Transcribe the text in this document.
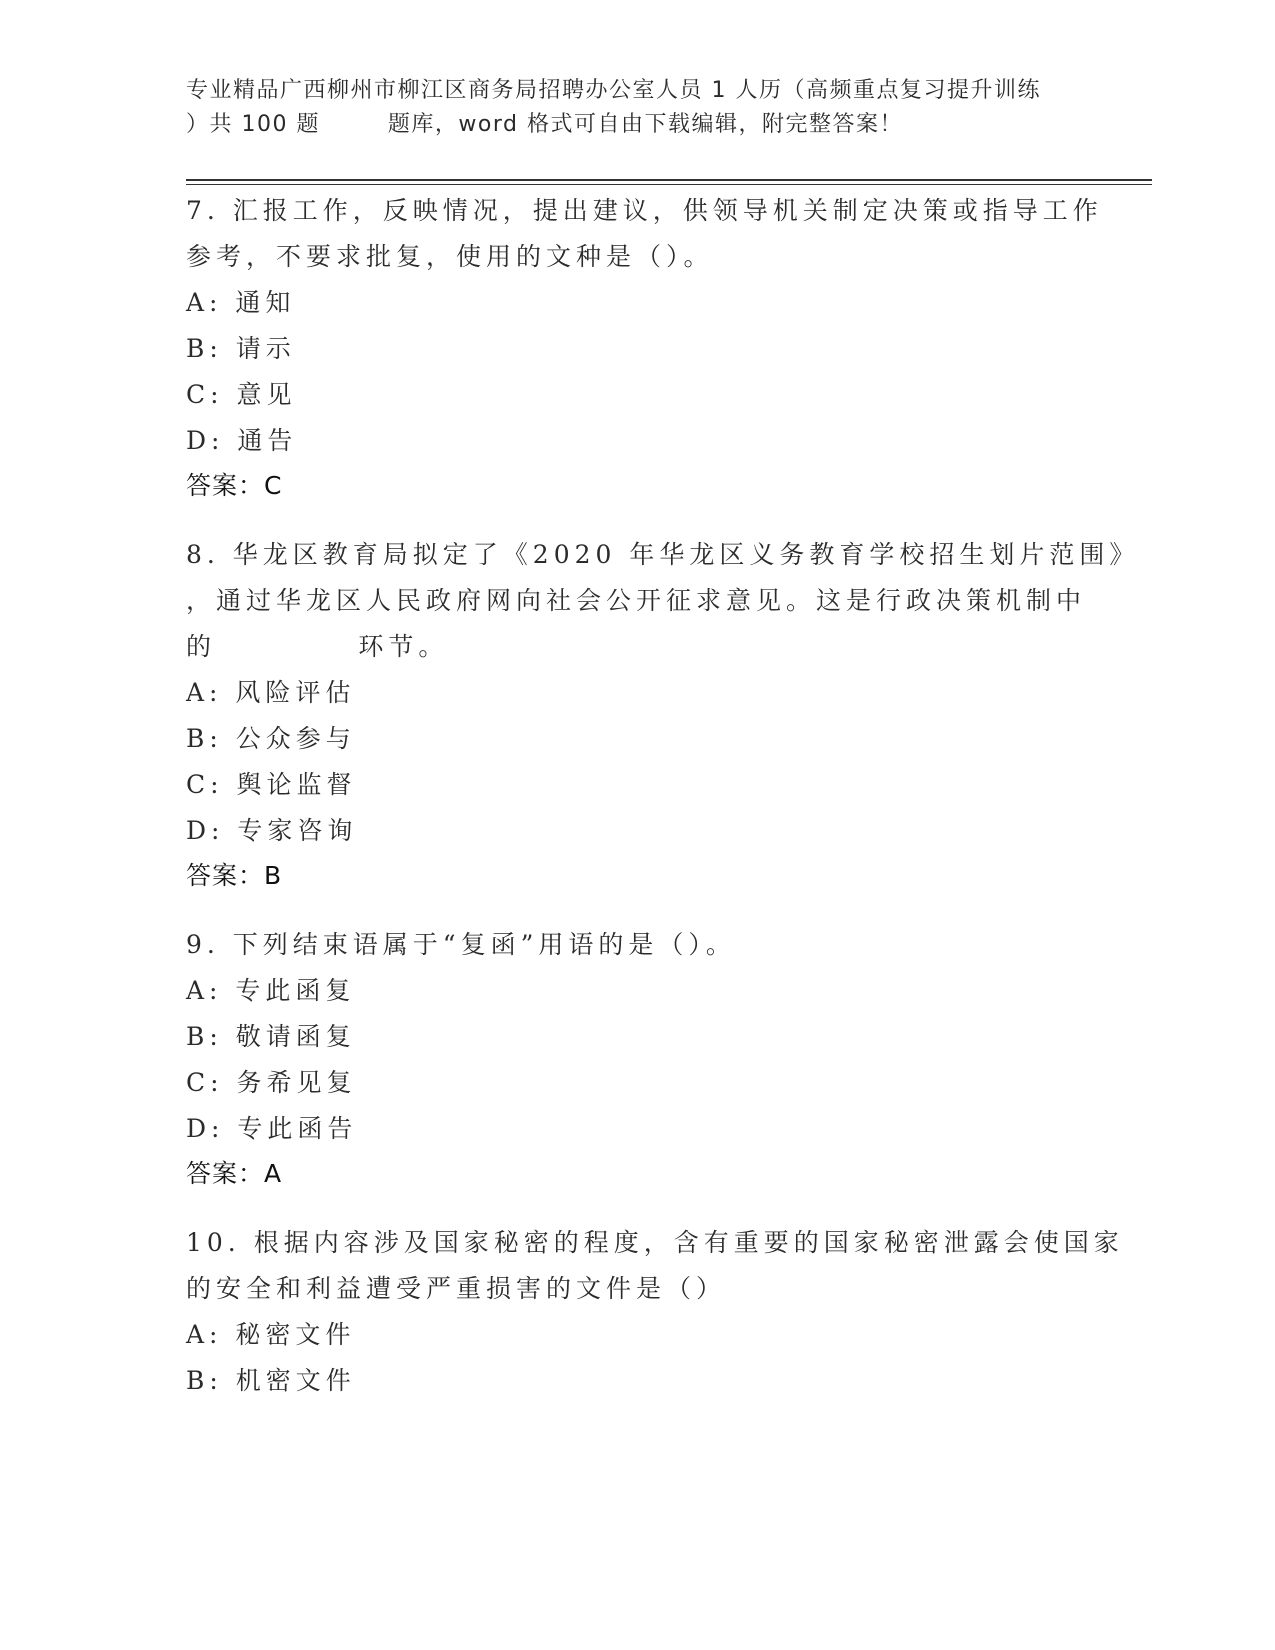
专业精品广西柳州市柳江区商务局招聘办公室人员 1 人历（高频重点复习提升训练
）共 100 题        题库，word 格式可自由下载编辑，附完整答案！
7. 汇报工作，反映情况，提出建议，供领导机关制定决策或指导工作
参考，不要求批复，使用的文种是（）。
A: 通知
B: 请示
C: 意见
D: 通告
答案：C
8. 华龙区教育局拟定了《2020 年华龙区义务教育学校招生划片范围》
，通过华龙区人民政府网向社会公开征求意见。这是行政决策机制中
的           环节。
A: 风险评估
B: 公众参与
C: 舆论监督
D: 专家咨询
答案：B
9. 下列结束语属于“复函”用语的是（）。
A: 专此函复
B: 敬请函复
C: 务希见复
D: 专此函告
答案：A
10. 根据内容涉及国家秘密的程度，含有重要的国家秘密泄露会使国家
的安全和利益遭受严重损害的文件是（）
A: 秘密文件
B: 机密文件
